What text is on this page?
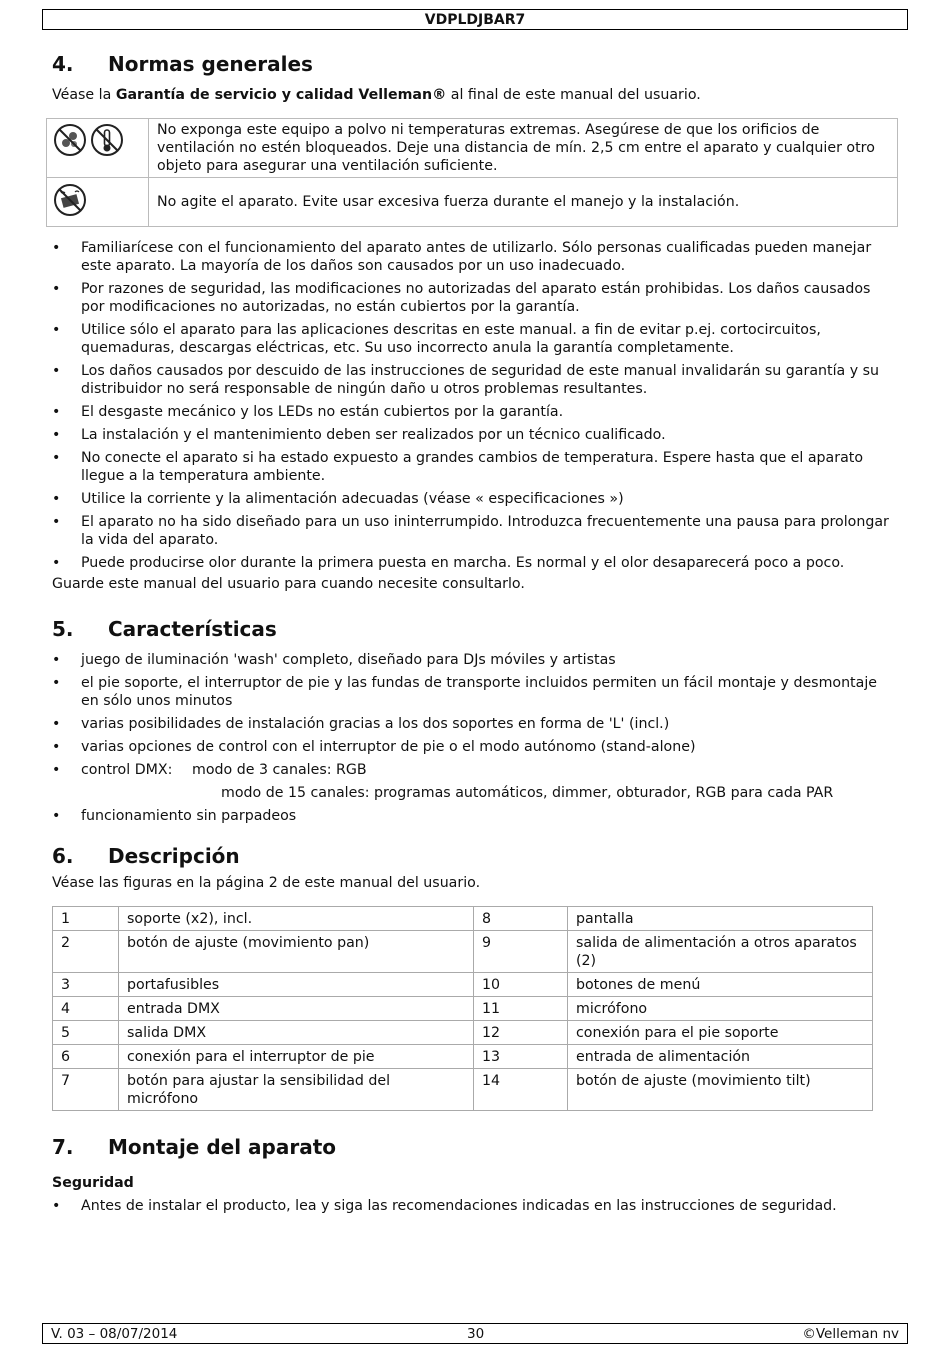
VDPLDJBAR7
4. Normas generales

Véase la Garantía de servicio y calidad Velleman® al final de este manual del usuario.

	No exponga este equipo a polvo ni temperaturas extremas. Asegúrese de que los orificios de ventilación no estén bloqueados. Deje una distancia de mín. 2,5 cm entre el aparato y cualquier otro objeto para asegurar una ventilación suficiente.
	No agite el aparato. Evite usar excesiva fuerza durante el manejo y la instalación.
• Familiarícese con el funcionamiento del aparato antes de utilizarlo. Sólo personas cualificadas pueden manejar este aparato. La mayoría de los daños son causados por un uso inadecuado.
• Por razones de seguridad, las modificaciones no autorizadas del aparato están prohibidas. Los daños causados por modificaciones no autorizadas, no están cubiertos por la garantía.
• Utilice sólo el aparato para las aplicaciones descritas en este manual. a fin de evitar p.ej. cortocircuitos, quemaduras, descargas eléctricas, etc. Su uso incorrecto anula la garantía completamente.
• Los daños causados por descuido de las instrucciones de seguridad de este manual invalidarán su garantía y su distribuidor no será responsable de ningún daño u otros problemas resultantes.
• El desgaste mecánico y los LEDs no están cubiertos por la garantía.
• La instalación y el mantenimiento deben ser realizados por un técnico cualificado.
• No conecte el aparato si ha estado expuesto a grandes cambios de temperatura. Espere hasta que el aparato llegue a la temperatura ambiente.
• Utilice la corriente y la alimentación adecuadas (véase « especificaciones »)
• El aparato no ha sido diseñado para un uso ininterrumpido. Introduzca frecuentemente una pausa para prolongar la vida del aparato.
• Puede producirse olor durante la primera puesta en marcha. Es normal y el olor desaparecerá poco a poco.

Guarde este manual del usuario para cuando necesite consultarlo.

5. Características
• juego de iluminación 'wash' completo, diseñado para DJs móviles y artistas
• el pie soporte, el interruptor de pie y las fundas de transporte incluidos permiten un fácil montaje y desmontaje en sólo unos minutos
• varias posibilidades de instalación gracias a los dos soportes en forma de 'L' (incl.)
• varias opciones de control con el interruptor de pie o el modo autónomo (stand-alone)
• control DMX:	modo de 3 canales: RGB
modo de 15 canales: programas automáticos, dimmer, obturador, RGB para cada PAR
• funcionamiento sin parpadeos
6. Descripción

Véase las figuras en la página 2 de este manual del usuario.

1	soporte (x2), incl.	8	pantalla
2	botón de ajuste (movimiento pan)	9	salida de alimentación a otros aparatos (2)
3	portafusibles	10	botones de menú
4	entrada DMX	11	micrófono
5	salida DMX	12	conexión para el pie soporte
6	conexión para el interruptor de pie	13	entrada de alimentación
7	botón para ajustar la sensibilidad del micrófono	14	botón de ajuste (movimiento tilt)
7. Montaje del aparato
Seguridad
• Antes de instalar el producto, lea y siga las recomendaciones indicadas en las instrucciones de seguridad.
V. 03 – 08/07/2014	30	©Velleman nv
